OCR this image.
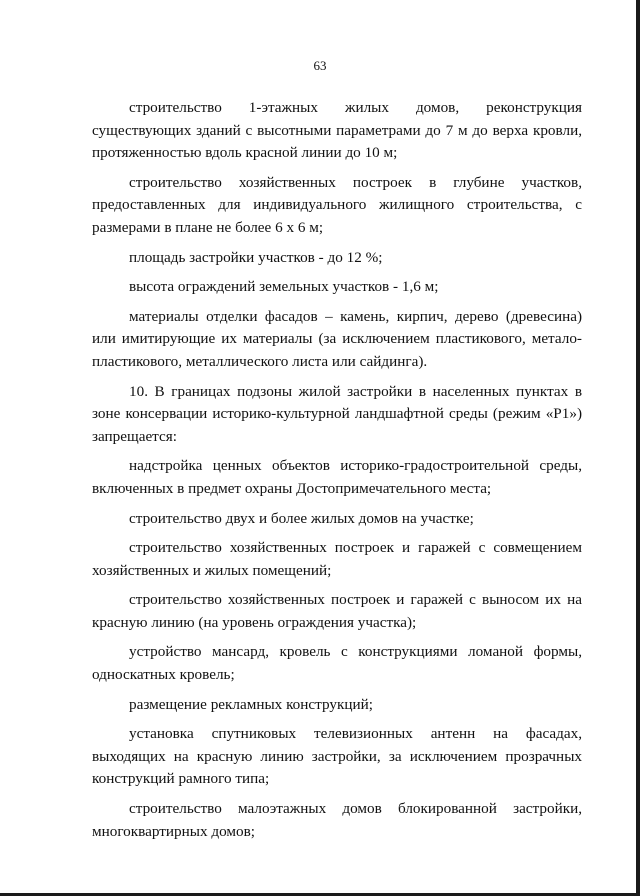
63

строительство 1-этажных жилых домов, реконструкция существующих зданий с высотными параметрами до 7 м до верха кровли, протяженностью вдоль красной линии до 10 м;

строительство хозяйственных построек в глубине участков, предоставленных для индивидуального жилищного строительства, с размерами в плане не более 6 х 6 м;

площадь застройки участков - до 12 %;

высота ограждений земельных участков - 1,6 м;

материалы отделки фасадов – камень, кирпич, дерево (древесина) или имитирующие их материалы (за исключением пластикового, метало-пластикового, металлического листа или сайдинга).

10. В границах подзоны жилой застройки в населенных пунктах в зоне консервации историко-культурной ландшафтной среды (режим «Р1») запрещается:

надстройка ценных объектов историко-градостроительной среды, включенных в предмет охраны Достопримечательного места;

строительство двух и более жилых домов на участке;

строительство хозяйственных построек и гаражей с совмещением хозяйственных и жилых помещений;

строительство хозяйственных построек и гаражей с выносом их на красную линию (на уровень ограждения участка);

устройство мансард, кровель с конструкциями ломаной формы, односкатных кровель;

размещение рекламных конструкций;

установка спутниковых телевизионных антенн на фасадах, выходящих на красную линию застройки, за исключением прозрачных конструкций рамного типа;

строительство малоэтажных домов блокированной застройки, многоквартирных домов;
